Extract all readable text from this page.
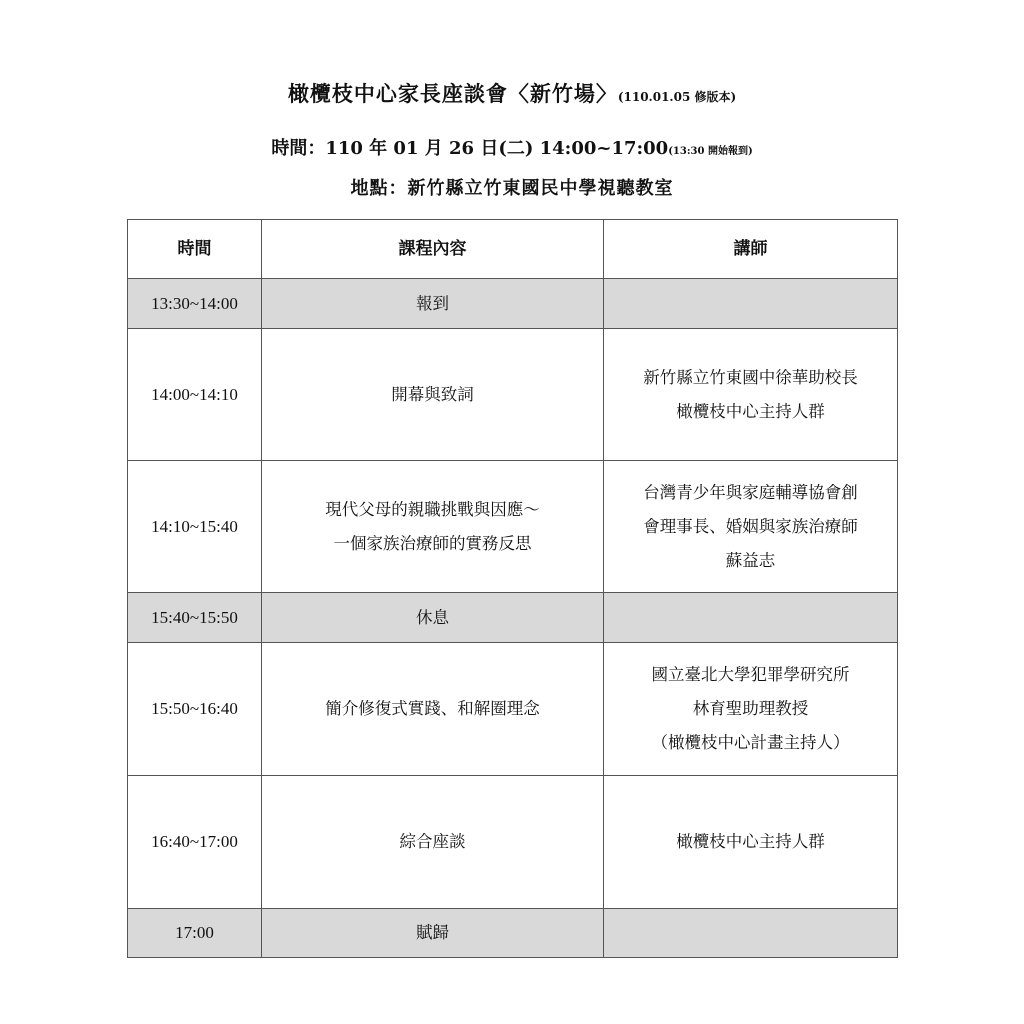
橄欖枝中心家長座談會〈新竹場〉(110.01.05 修版本)
時間：110 年 01 月 26 日(二) 14:00~17:00(13:30 開始報到)
地點：新竹縣立竹東國民中學視聽教室
時間	課程內容	講師
13:30~14:00	報到	

14:00~14:10	開幕與致詞	新竹縣立竹東國中徐華助校長
橄欖枝中心主持人群

14:10~15:40	現代父母的親職挑戰與因應～
一個家族治療師的實務反思	台灣青少年與家庭輔導協會創
會理事長、婚姻與家族治療師
蘇益志

15:40~15:50	休息	

15:50~16:40	簡介修復式實踐、和解圈理念	國立臺北大學犯罪學研究所
林育聖助理教授
（橄欖枝中心計畫主持人）

16:40~17:00	綜合座談	橄欖枝中心主持人群

17:00	賦歸	
